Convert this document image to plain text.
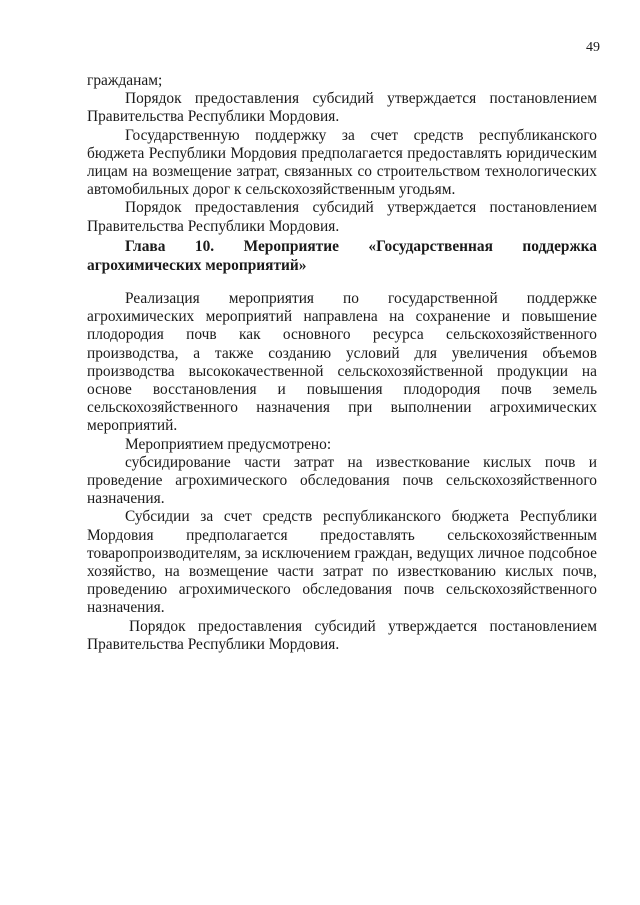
49

гражданам;

Порядок предоставления субсидий утверждается постановлением Правительства Республики Мордовия.

Государственную поддержку за счет средств республиканского бюджета Республики Мордовия предполагается предоставлять юридическим лицам на возмещение затрат, связанных со строительством технологических автомобильных дорог к сельскохозяйственным угодьям.

Порядок предоставления субсидий утверждается постановлением Правительства Республики Мордовия.

Глава 10. Мероприятие «Государственная поддержка
агрохимических мероприятий»

Реализация мероприятия по государственной поддержке агрохимических мероприятий направлена на сохранение и повышение плодородия почв как основного ресурса сельскохозяйственного производства, а также созданию условий для увеличения объемов производства высококачественной сельскохозяйственной продукции на основе восстановления и повышения плодородия почв земель сельскохозяйственного назначения при выполнении агрохимических мероприятий.

Мероприятием предусмотрено:

субсидирование части затрат на известкование кислых почв и проведение агрохимического обследования почв сельскохозяйственного назначения.

Субсидии за счет средств республиканского бюджета Республики Мордовия предполагается предоставлять сельскохозяйственным товаропроизводителям, за исключением граждан, ведущих личное подсобное хозяйство, на возмещение части затрат по известкованию кислых почв, проведению агрохимического обследования почв сельскохозяйственного назначения.

Порядок предоставления субсидий утверждается постановлением Правительства Республики Мордовия.
